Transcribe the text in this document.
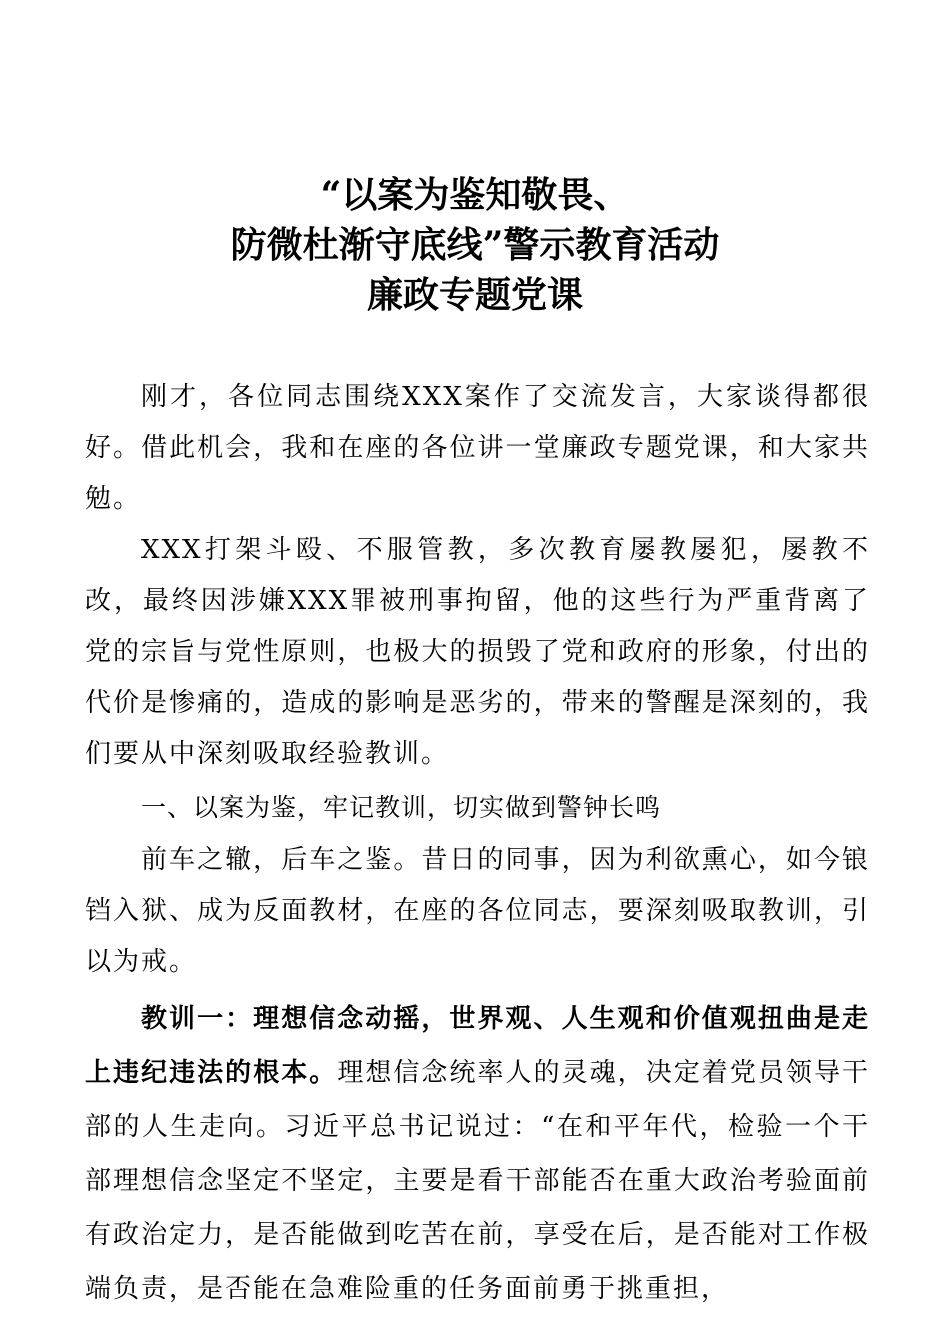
“以案为鉴知敬畏、
防微杜渐守底线”警示教育活动
廉政专题党课

刚才，各位同志围绕XXX案作了交流发言，大家谈得都很好。借此机会，我和在座的各位讲一堂廉政专题党课，和大家共勉。

XXX打架斗殴、不服管教，多次教育屡教屡犯，屡教不改，最终因涉嫌XXX罪被刑事拘留，他的这些行为严重背离了党的宗旨与党性原则，也极大的损毁了党和政府的形象，付出的代价是惨痛的，造成的影响是恶劣的，带来的警醒是深刻的，我们要从中深刻吸取经验教训。

一、以案为鉴，牢记教训，切实做到警钟长鸣

前车之辙，后车之鉴。昔日的同事，因为利欲熏心，如今锒铛入狱、成为反面教材，在座的各位同志，要深刻吸取教训，引以为戒。

教训一：理想信念动摇，世界观、人生观和价值观扭曲是走上违纪违法的根本。理想信念统率人的灵魂，决定着党员领导干部的人生走向。习近平总书记说过：“在和平年代，检验一个干部理想信念坚定不坚定，主要是看干部能否在重大政治考验面前有政治定力，是否能做到吃苦在前，享受在后，是否能对工作极端负责，是否能在急难险重的任务面前勇于挑重担，
